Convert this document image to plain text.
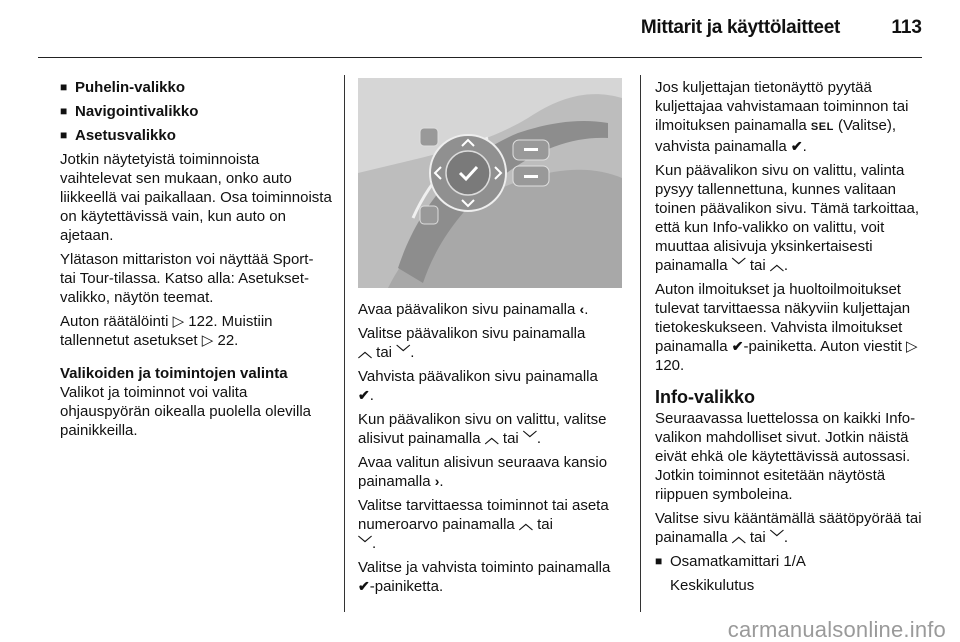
Mittarit ja käyttölaitteet	113
■ Puhelin-valikko
■ Navigointivalikko
■ Asetusvalikko

Jotkin näytetyistä toiminnoista vaihtelevat sen mukaan, onko auto liikkeellä vai paikallaan. Osa toiminnoista on käytettävissä vain, kun auto on ajetaan.

Ylätason mittariston voi näyttää Sport- tai Tour-tilassa. Katso alla: Asetukset-valikko, näytön teemat.

Auton räätälöinti ▷ 122. Muistiin tallennetut asetukset ▷ 22.

Valikoiden ja toimintojen valinta

Valikot ja toiminnot voi valita ohjauspyörän oikealla puolella olevilla painikkeilla.

Avaa päävalikon sivu painamalla ‹.

Valitse päävalikon sivu painamalla
︿ tai ﹀.

Vahvista päävalikon sivu painamalla
✔.

Kun päävalikon sivu on valittu, valitse alisivut painamalla ︿ tai ﹀.

Avaa valitun alisivun seuraava kansio painamalla ›.

Valitse tarvittaessa toiminnot tai aseta numeroarvo painamalla ︿ tai
﹀.

Valitse ja vahvista toiminto painamalla ✔-painiketta.

Jos kuljettajan tietonäyttö pyytää kuljettajaa vahvistamaan toiminnon tai ilmoituksen painamalla SEL (Valitse), vahvista painamalla ✔.

Kun päävalikon sivu on valittu, valinta pysyy tallennettuna, kunnes valitaan toinen päävalikon sivu. Tämä tarkoittaa, että kun Info-valikko on valittu, voit muuttaa alisivuja yksinkertaisesti painamalla ﹀ tai ︿.

Auton ilmoitukset ja huoltoilmoitukset tulevat tarvittaessa näkyviin kuljettajan tietokeskukseen. Vahvista ilmoitukset painamalla ✔-painiketta. Auton viestit ▷ 120.

Info-valikko

Seuraavassa luettelossa on kaikki Info-valikon mahdolliset sivut. Jotkin näistä eivät ehkä ole käytettävissä autossasi. Jotkin toiminnot esitetään näytöstä riippuen symboleina.

Valitse sivu kääntämällä säätöpyörää tai painamalla ︿ tai ﹀.

■ Osamatkamittari 1/A

Keskikulutus

carmanualsonline.info
